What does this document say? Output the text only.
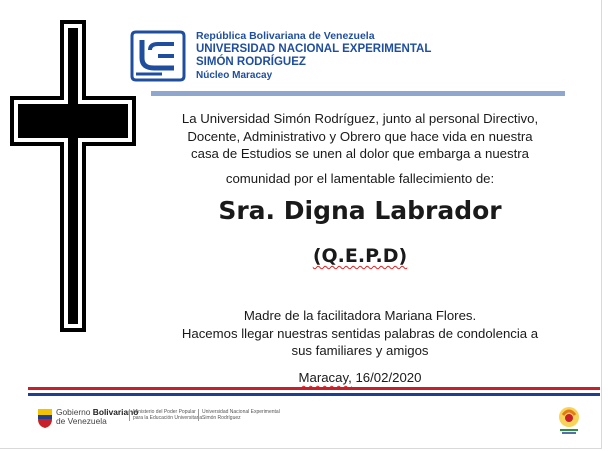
República Bolivariana de Venezuela
UNIVERSIDAD NACIONAL EXPERIMENTAL
SIMÓN RODRÍGUEZ
Núcleo Maracay
La Universidad Simón Rodríguez, junto al personal Directivo,
Docente, Administrativo y Obrero que hace vida en nuestra
casa de Estudios se unen al dolor que embarga a nuestra
comunidad por el lamentable fallecimiento de:
Sra. Digna Labrador
(Q.E.P.D)
Madre de la facilitadora Mariana Flores.
Hacemos llegar nuestras sentidas palabras de condolencia a
sus familiares y amigos
Maracay, 16/02/2020
Gobierno Bolivariano
de Venezuela
Ministerio del Poder Popular
para la Educación Universitaria
Universidad Nacional Experimental
Simón Rodríguez
